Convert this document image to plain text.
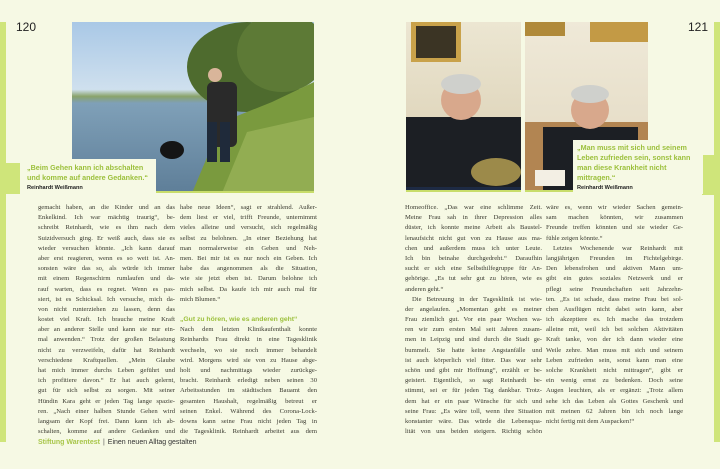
120	121
„Beim Gehen kann ich abschalten und komme auf andere Gedanken.“
Reinhardt Weißmann
„Man muss mit sich und seinem Leben zufrieden sein, sonst kann man diese Krankheit nicht mittragen.“
Reinhardt Weißmann
gemacht haben, an die Kinder und an das
Enkelkind. Ich war mächtig traurig“, be-
schreibt Reinhardt, wie es ihm nach dem
Suizidversuch ging. Er weiß auch, dass sie es
wieder versuchen könnte. „Ich kann darauf
aber erst reagieren, wenn es so weit ist. An-
sonsten wäre das so, als würde ich immer
mit einem Regenschirm rumlaufen und da-
rauf warten, dass es regnet. Wenn es pas-
siert, ist es Schicksal. Ich versuche, mich da-
von nicht runterziehen zu lassen, denn das
kostet viel Kraft. Ich brauche meine Kraft
aber an anderer Stelle und kann sie nur ein-
mal anwenden.“ Trotz der großen Belastung
nicht zu verzweifeln, dafür hat Reinhardt
verschiedene Kraftquellen. „Mein Glaube
hat mich immer durchs Leben geführt und
ich profitiere davon.“ Er hat auch gelernt,
gut für sich selbst zu sorgen. Mit seiner
Hündin Kara geht er jeden Tag lange spazie-
ren. „Nach einer halben Stunde Gehen wird
langsam der Kopf frei. Dann kann ich ab-
schalten, komme auf andere Gedanken und
habe neue Ideen“, sagt er strahlend. Außer-
dem liest er viel, trifft Freunde, unternimmt
vieles alleine und versucht, sich regelmäßig
selbst zu belohnen. „In einer Beziehung hat
man normalerweise ein Geben und Neh-
men. Bei mir ist es nur noch ein Geben. Ich
habe das angenommen als die Situation,
wie sie jetzt eben ist. Darum belohne ich
mich selbst. Da kaufe ich mir auch mal für
mich Blumen.“
„Gut zu hören, wie es anderen geht“
Nach dem letzten Klinikaufenthalt konnte
Reinhardts Frau direkt in eine Tagesklinik
wechseln, wo sie noch immer behandelt
wird. Morgens wird sie von zu Hause abge-
holt und nachmittags wieder zurückge-
bracht. Reinhardt erledigt neben seinen 30
Arbeitsstunden im städtischen Bauamt den
gesamten Haushalt, regelmäßig betreut er
seinen Enkel. Während des Corona-Lock-
downs kann seine Frau nicht jeden Tag in
die Tagesklinik. Reinhardt arbeitet aus dem
Homeoffice. „Das war eine schlimme Zeit.
Meine Frau sah in ihrer Depression alles
düster, ich konnte meine Arbeit als Baustel-
lenaufsicht nicht gut von zu Hause aus ma-
chen und außerdem muss ich unter Leute.
Ich bin beinahe durchgedreht.“ Daraufhin
sucht er sich eine Selbsthilfegruppe für An-
gehörige. „Es tut sehr gut zu hören, wie es
anderen geht.“
Die Betreuung in der Tagesklinik ist wie-
der angelaufen. „Momentan geht es meiner
Frau ziemlich gut. Vor ein paar Wochen wa-
ren wir zum ersten Mal seit Jahren zusam-
men in Leipzig und sind durch die Stadt ge-
bummelt. Sie hatte keine Angstanfälle und
ist auch körperlich viel fitter. Das war sehr
schön und gibt mir Hoffnung“, erzählt er be-
geistert. Eigentlich, so sagt Reinhardt be-
stimmt, sei er für jeden Tag dankbar. Trotz-
dem hat er ein paar Wünsche für sich und
seine Frau: „Es wäre toll, wenn ihre Situation
konstanter wäre. Das würde die Lebensqua-
lität von uns beiden steigern. Richtig schön
wäre es, wenn wir wieder Sachen gemein-
sam machen könnten, wir zusammen
Freunde treffen könnten und sie wieder Ge-
fühle zeigen könnte.“
Letztes Wochenende war Reinhardt mit
langjährigen Freunden im Fichtelgebirge.
Den lebensfrohen und aktiven Mann um-
gibt ein gutes soziales Netzwerk und er
pflegt seine Freundschaften seit Jahrzehn-
ten. „Es ist schade, dass meine Frau bei sol-
chen Ausflügen nicht dabei sein kann, aber
ich akzeptiere es. Ich mache das trotzdem
alleine mit, weil ich bei solchen Aktivitäten
Kraft tanke, von der ich dann wieder eine
Weile zehre. Man muss mit sich und seinem
Leben zufrieden sein, sonst kann man eine
solche Krankheit nicht mittragen“, gibt er
ein wenig ernst zu bedenken. Doch seine
Augen leuchten, als er ergänzt: „Trotz allem
sehe ich das Leben als Gottes Geschenk und
mit meinen 62 Jahren bin ich noch lange
nicht fertig mit dem Auspacken!“
Stiftung Warentest | Einen neuen Alltag gestalten
